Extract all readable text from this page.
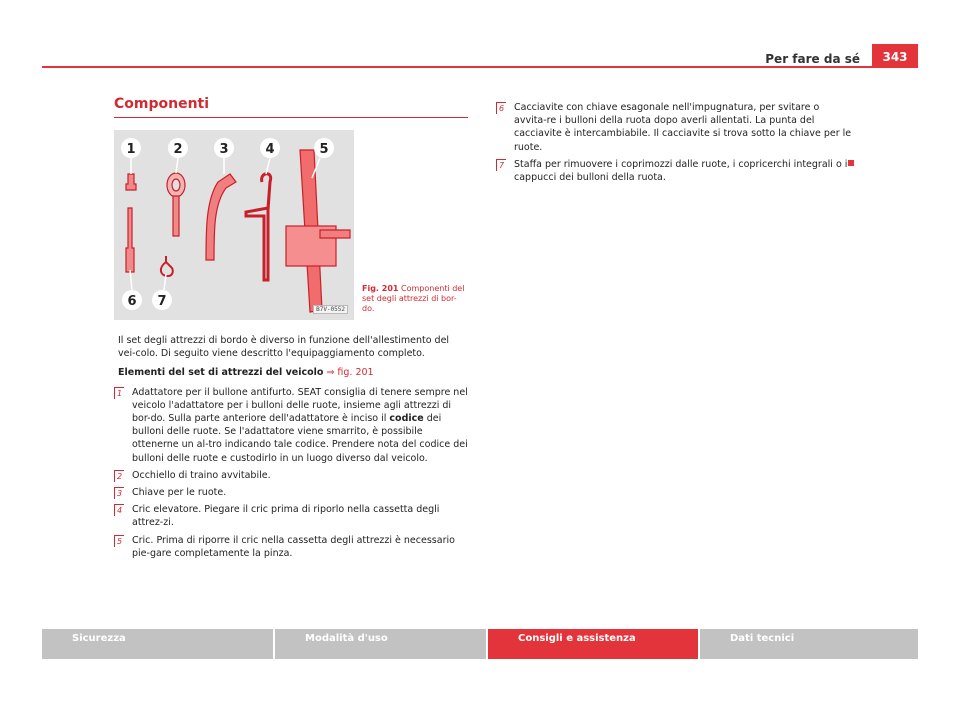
Per fare da sé	343
Componenti
1	2	3	4	5
6 7
B7V-0552
Fig. 201 Componenti del set degli attrezzi di bor-do.

Il set degli attrezzi di bordo è diverso in funzione dell'allestimento del vei-colo. Di seguito viene descritto l'equipaggiamento completo.

Elementi del set di attrezzi del veicolo ⇒ fig. 201

1 Adattatore per il bullone antifurto. SEAT consiglia di tenere sempre nel veicolo l'adattatore per i bulloni delle ruote, insieme agli attrezzi di bor-do. Sulla parte anteriore dell'adattatore è inciso il codice dei bulloni delle ruote. Se l'adattatore viene smarrito, è possibile ottenerne un al-tro indicando tale codice. Prendere nota del codice dei bulloni delle ruote e custodirlo in un luogo diverso dal veicolo.
2 Occhiello di traino avvitabile.
3 Chiave per le ruote.
4 Cric elevatore. Piegare il cric prima di riporlo nella cassetta degli attrez-zi.
5 Cric. Prima di riporre il cric nella cassetta degli attrezzi è necessario pie-gare completamente la pinza.
6 Cacciavite con chiave esagonale nell'impugnatura, per svitare o avvita-re i bulloni della ruota dopo averli allentati. La punta del cacciavite è intercambiabile. Il cacciavite si trova sotto la chiave per le ruote.
7 Staffa per rimuovere i coprimozzi dalle ruote, i copricerchi integrali o i cappucci dei bulloni della ruota.
Sicurezza	Modalità d'uso	Consigli e assistenza	Dati tecnici
